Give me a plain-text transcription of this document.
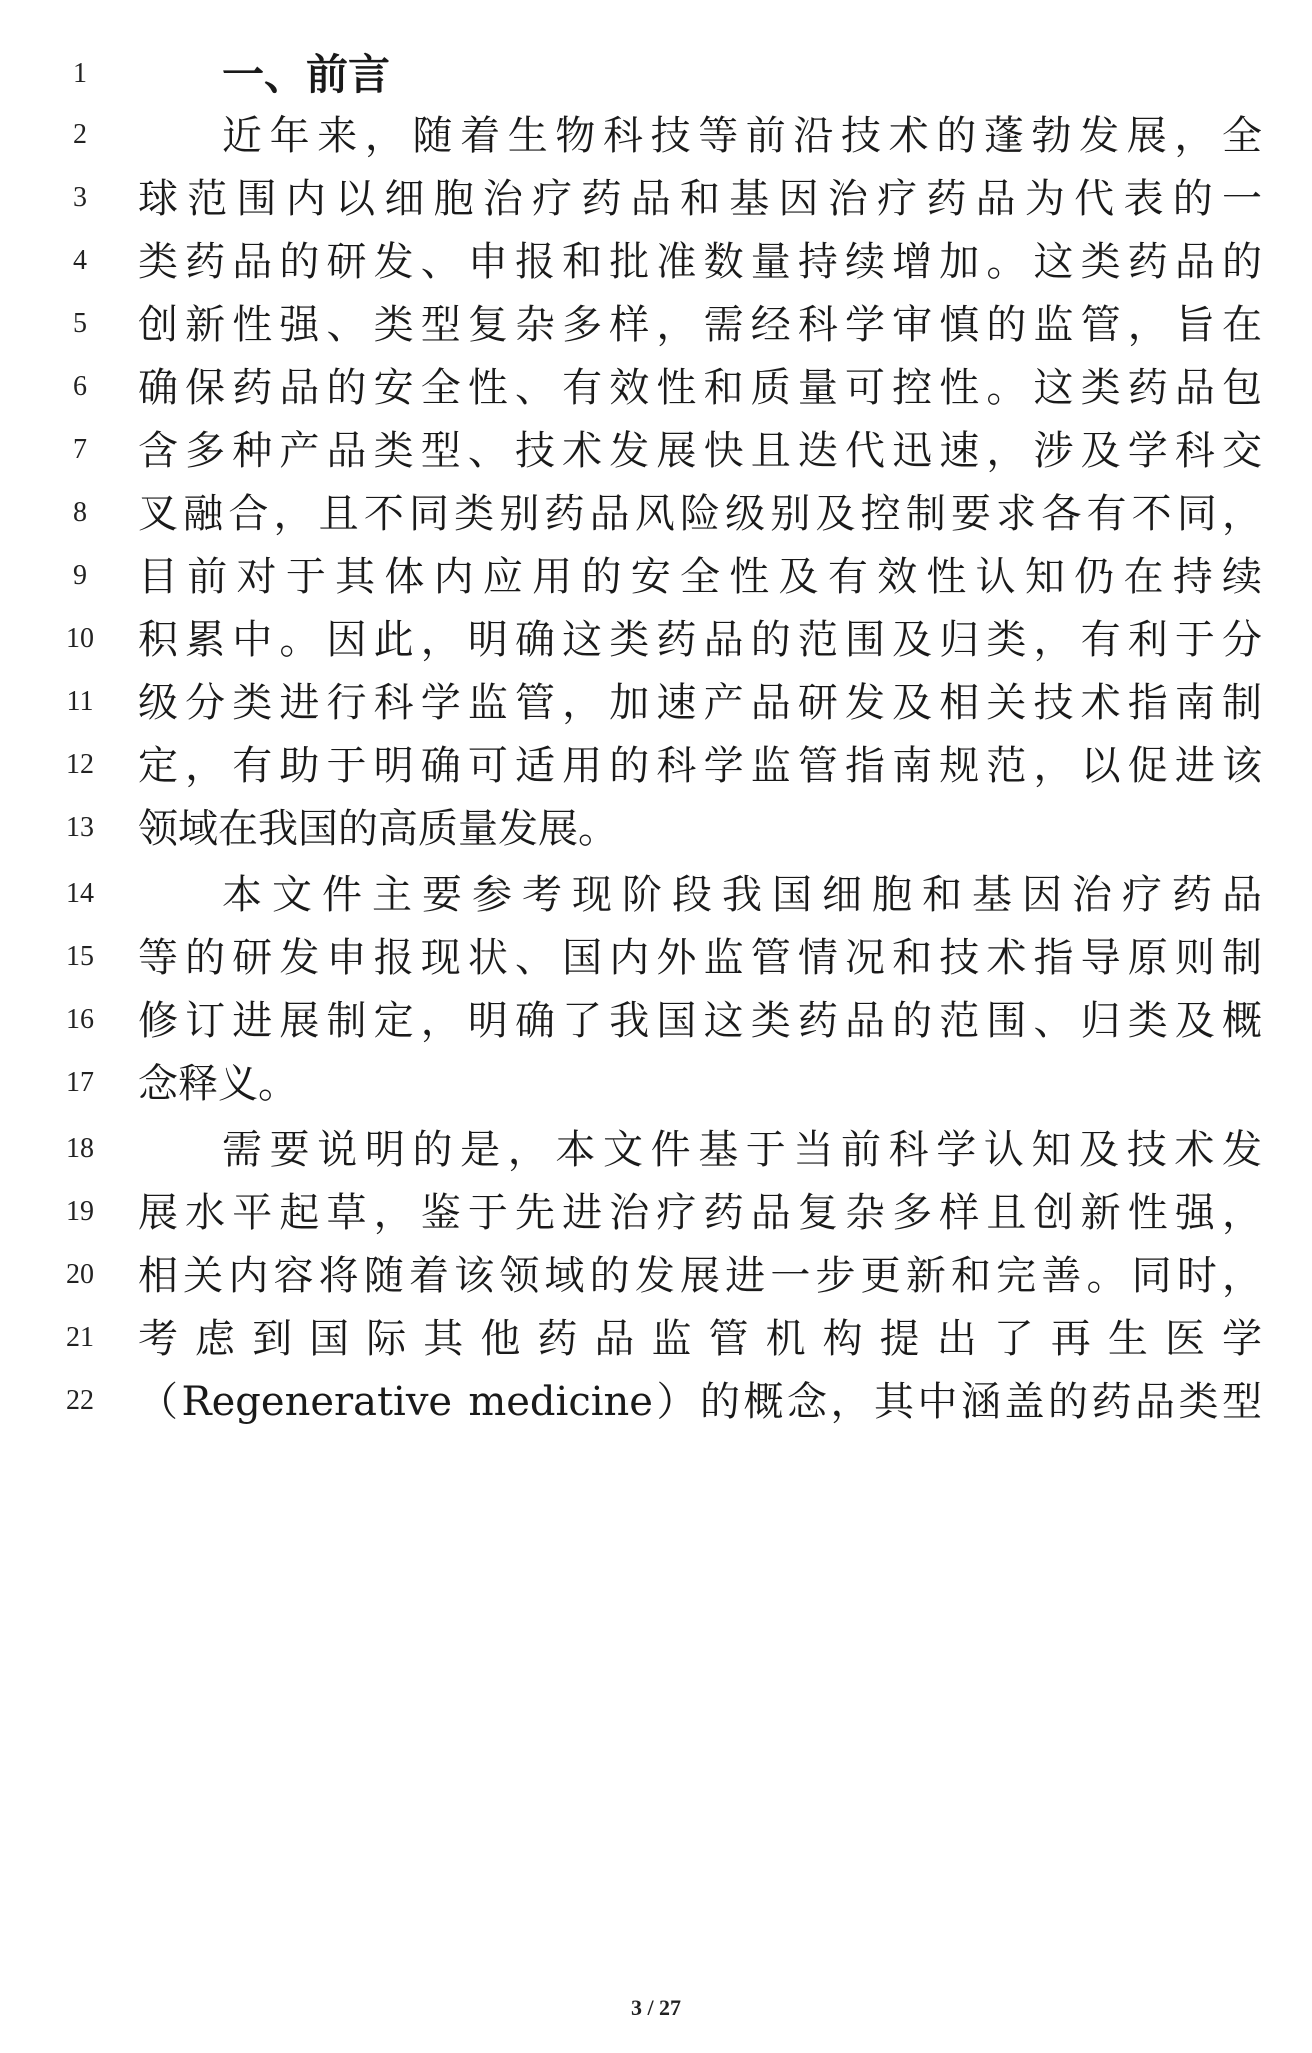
1	一、前言
2	近年来，随着生物科技等前沿技术的蓬勃发展，全
3	球范围内以细胞治疗药品和基因治疗药品为代表的一
4	类药品的研发、申报和批准数量持续增加。这类药品的
5	创新性强、类型复杂多样，需经科学审慎的监管，旨在
6	确保药品的安全性、有效性和质量可控性。这类药品包
7	含多种产品类型、技术发展快且迭代迅速，涉及学科交
8	叉融合，且不同类别药品风险级别及控制要求各有不同，
9	目前对于其体内应用的安全性及有效性认知仍在持续
10	积累中。因此，明确这类药品的范围及归类，有利于分
11	级分类进行科学监管，加速产品研发及相关技术指南制
12	定，有助于明确可适用的科学监管指南规范，以促进该
13	领域在我国的高质量发展。
14	本文件主要参考现阶段我国细胞和基因治疗药品
15	等的研发申报现状、国内外监管情况和技术指导原则制
16	修订进展制定，明确了我国这类药品的范围、归类及概
17	念释义。
18	需要说明的是，本文件基于当前科学认知及技术发
19	展水平起草，鉴于先进治疗药品复杂多样且创新性强，
20	相关内容将随着该领域的发展进一步更新和完善。同时，
21	考虑到国际其他药品监管机构提出了再生医学
22	（Regenerative medicine）的概念，其中涵盖的药品类型
3 / 27
